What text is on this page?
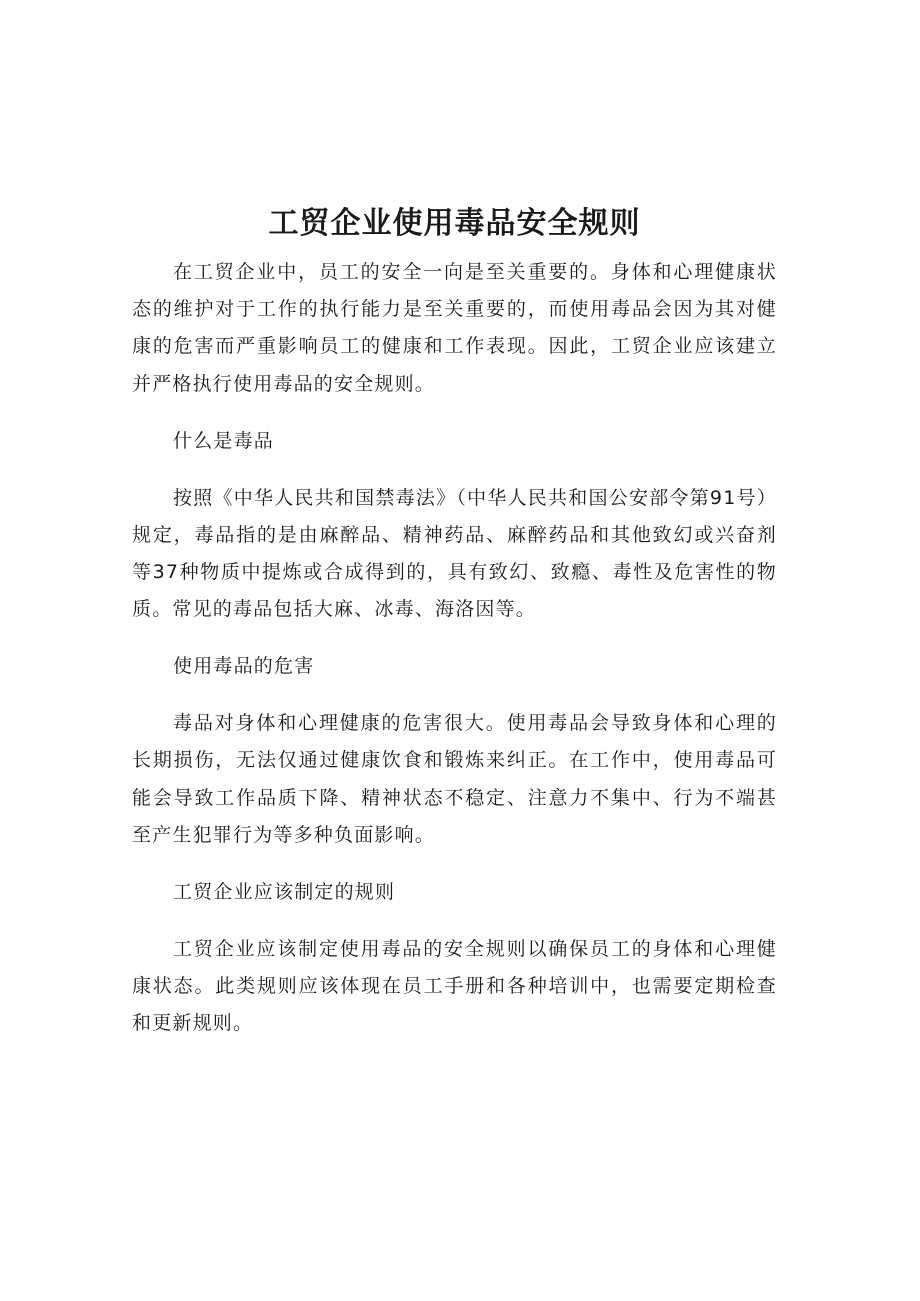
工贸企业使用毒品安全规则

在工贸企业中，员工的安全一向是至关重要的。身体和心理健康状态的维护对于工作的执行能力是至关重要的，而使用毒品会因为其对健康的危害而严重影响员工的健康和工作表现。因此，工贸企业应该建立并严格执行使用毒品的安全规则。

什么是毒品

按照《中华人民共和国禁毒法》（中华人民共和国公安部令第91号）规定，毒品指的是由麻醉品、精神药品、麻醉药品和其他致幻或兴奋剂等37种物质中提炼或合成得到的，具有致幻、致瘾、毒性及危害性的物质。常见的毒品包括大麻、冰毒、海洛因等。

使用毒品的危害

毒品对身体和心理健康的危害很大。使用毒品会导致身体和心理的长期损伤，无法仅通过健康饮食和锻炼来纠正。在工作中，使用毒品可能会导致工作品质下降、精神状态不稳定、注意力不集中、行为不端甚至产生犯罪行为等多种负面影响。

工贸企业应该制定的规则

工贸企业应该制定使用毒品的安全规则以确保员工的身体和心理健康状态。此类规则应该体现在员工手册和各种培训中，也需要定期检查和更新规则。
